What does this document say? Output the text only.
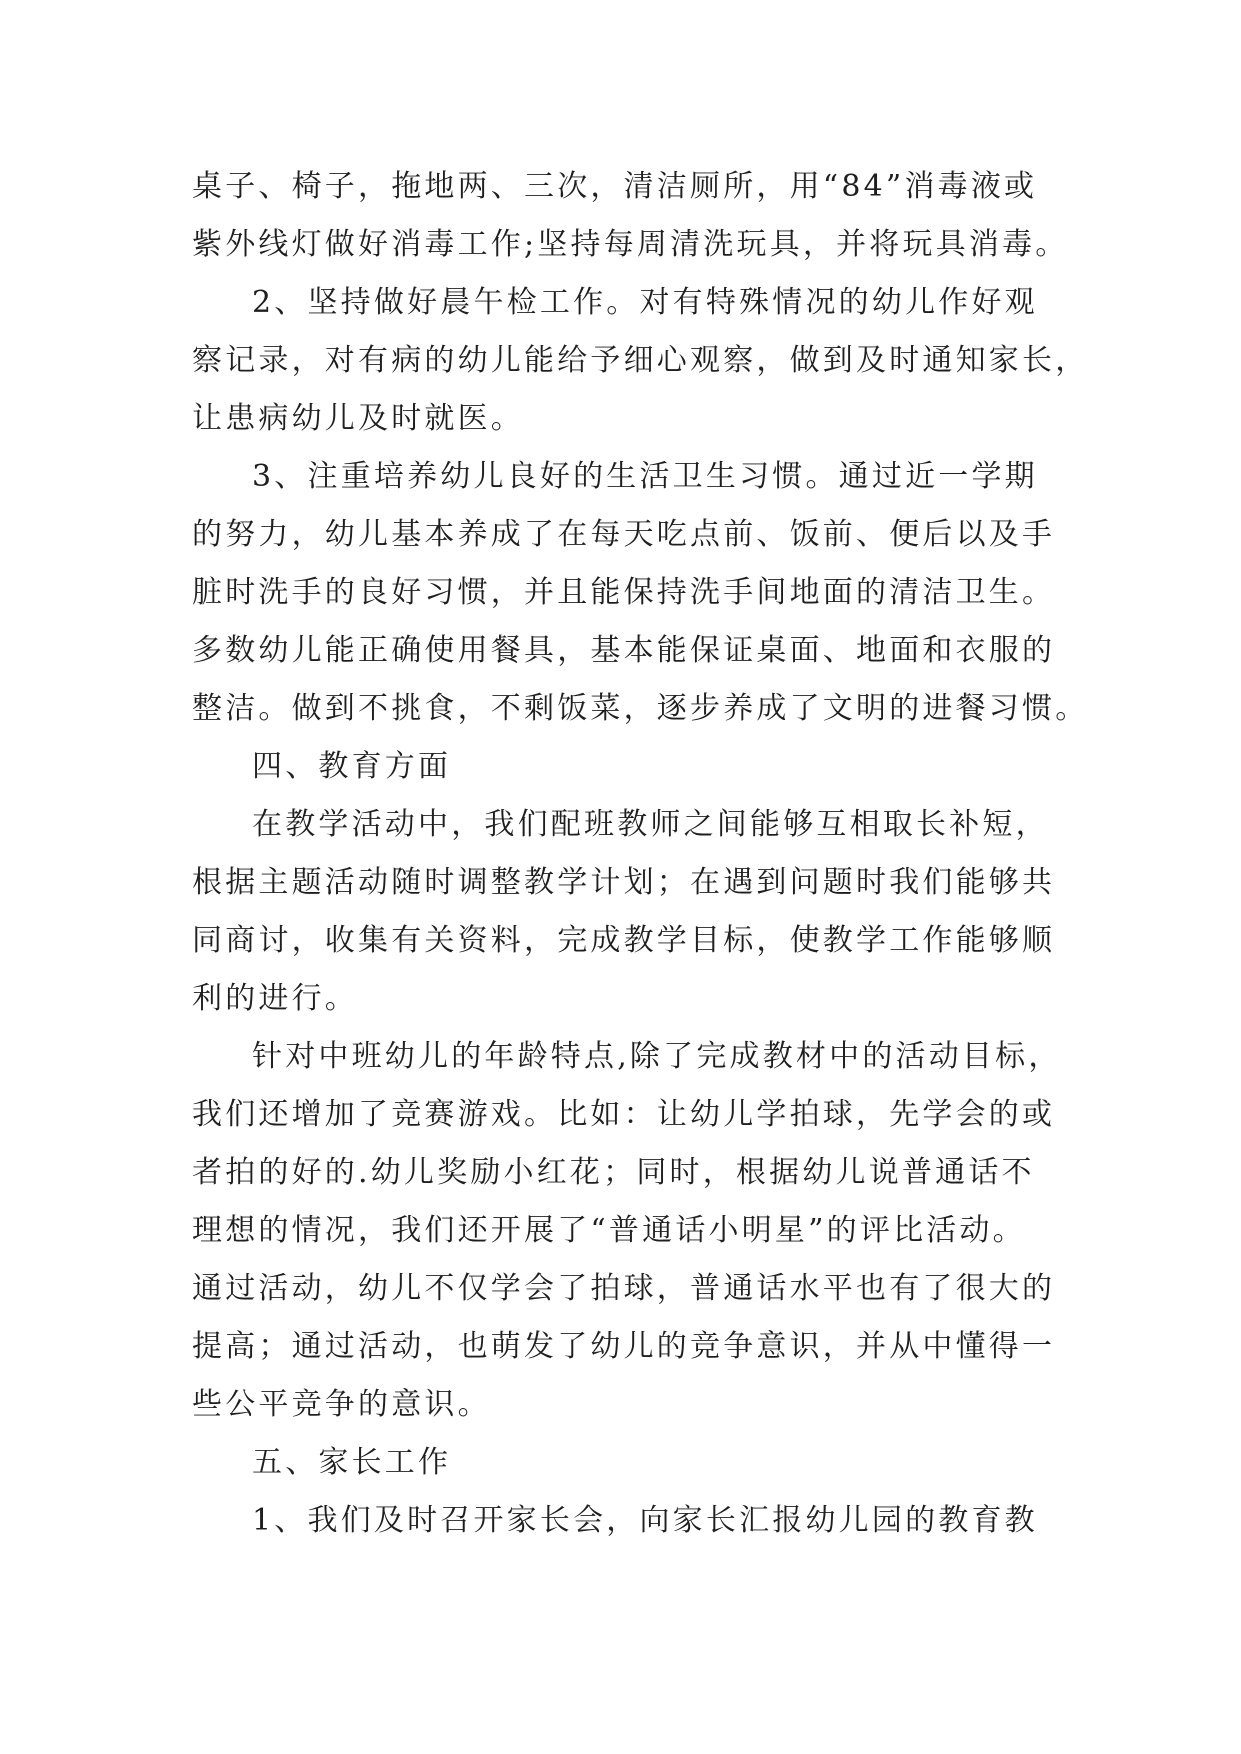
桌子、椅子，拖地两、三次，清洁厕所，用“84”消毒液或
紫外线灯做好消毒工作;坚持每周清洗玩具，并将玩具消毒。
2、坚持做好晨午检工作。对有特殊情况的幼儿作好观
察记录，对有病的幼儿能给予细心观察，做到及时通知家长，
让患病幼儿及时就医。
3、注重培养幼儿良好的生活卫生习惯。通过近一学期
的努力，幼儿基本养成了在每天吃点前、饭前、便后以及手
脏时洗手的良好习惯，并且能保持洗手间地面的清洁卫生。
多数幼儿能正确使用餐具，基本能保证桌面、地面和衣服的
整洁。做到不挑食，不剩饭菜，逐步养成了文明的进餐习惯。
四、教育方面
在教学活动中，我们配班教师之间能够互相取长补短，
根据主题活动随时调整教学计划；在遇到问题时我们能够共
同商讨，收集有关资料，完成教学目标，使教学工作能够顺
利的进行。
针对中班幼儿的年龄特点,除了完成教材中的活动目标，
我们还增加了竞赛游戏。比如：让幼儿学拍球，先学会的或
者拍的好的.幼儿奖励小红花；同时，根据幼儿说普通话不
理想的情况，我们还开展了“普通话小明星”的评比活动。
通过活动，幼儿不仅学会了拍球，普通话水平也有了很大的
提高；通过活动，也萌发了幼儿的竞争意识，并从中懂得一
些公平竞争的意识。
五、家长工作
1、我们及时召开家长会，向家长汇报幼儿园的教育教
